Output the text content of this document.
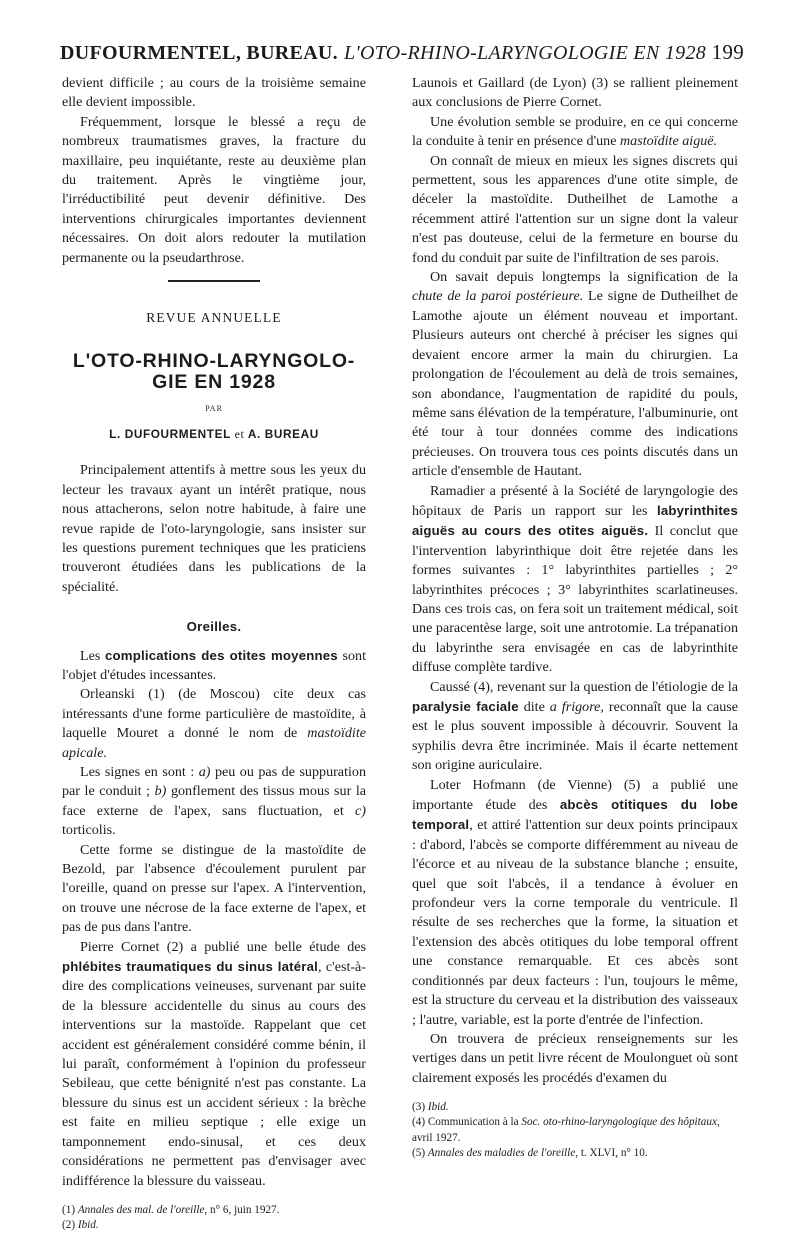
DUFOURMENTEL, BUREAU. L'OTO-RHINO-LARYNGOLOGIE EN 1928 199

devient difficile ; au cours de la troisième semaine elle devient impossible.

Fréquemment, lorsque le blessé a reçu de nombreux traumatismes graves, la fracture du maxillaire, peu inquiétante, reste au deuxième plan du traitement. Après le vingtième jour, l'irréductibilité peut devenir définitive. Des interventions chirurgicales importantes deviennent nécessaires. On doit alors redouter la mutilation permanente ou la pseudarthrose.

REVUE ANNUELLE
L'OTO-RHINO-LARYNGOLO-
GIE EN 1928
PAR
L. DUFOURMENTEL et A. BUREAU

Principalement attentifs à mettre sous les yeux du lecteur les travaux ayant un intérêt pratique, nous nous attacherons, selon notre habitude, à faire une revue rapide de l'oto-laryngologie, sans insister sur les questions purement techniques que les praticiens trouveront étudiées dans les publications de la spécialité.

Oreilles.

Les complications des otites moyennes sont l'objet d'études incessantes.

Orleanski (1) (de Moscou) cite deux cas intéressants d'une forme particulière de mastoïdite, à laquelle Mouret a donné le nom de mastoïdite apicale.

Les signes en sont : a) peu ou pas de suppuration par le conduit ; b) gonflement des tissus mous sur la face externe de l'apex, sans fluctuation, et c) torticolis.

Cette forme se distingue de la mastoïdite de Bezold, par l'absence d'écoulement purulent par l'oreille, quand on presse sur l'apex. A l'intervention, on trouve une nécrose de la face externe de l'apex, et pas de pus dans l'antre.

Pierre Cornet (2) a publié une belle étude des phlébites traumatiques du sinus latéral, c'est-à-dire des complications veineuses, survenant par suite de la blessure accidentelle du sinus au cours des interventions sur la mastoïde. Rappelant que cet accident est généralement considéré comme bénin, il lui paraît, conformément à l'opinion du professeur Sebileau, que cette bénignité n'est pas constante. La blessure du sinus est un accident sérieux : la brèche est faite en milieu septique ; elle exige un tamponnement endo-sinusal, et ces deux considérations ne permettent pas d'envisager avec indifférence la blessure du vaisseau.

(1) Annales des mal. de l'oreille, n° 6, juin 1927.

(2) Ibid.

Launois et Gaillard (de Lyon) (3) se rallient pleinement aux conclusions de Pierre Cornet.

Une évolution semble se produire, en ce qui concerne la conduite à tenir en présence d'une mastoïdite aiguë.

On connaît de mieux en mieux les signes discrets qui permettent, sous les apparences d'une otite simple, de déceler la mastoïdite. Dutheilhet de Lamothe a récemment attiré l'attention sur un signe dont la valeur n'est pas douteuse, celui de la fermeture en bourse du fond du conduit par suite de l'infiltration de ses parois.

On savait depuis longtemps la signification de la chute de la paroi postérieure. Le signe de Dutheilhet de Lamothe ajoute un élément nouveau et important. Plusieurs auteurs ont cherché à préciser les signes qui devaient encore armer la main du chirurgien. La prolongation de l'écoulement au delà de trois semaines, son abondance, l'augmentation de rapidité du pouls, même sans élévation de la température, l'albuminurie, ont été tour à tour données comme des indications précieuses. On trouvera tous ces points discutés dans un article d'ensemble de Hautant.

Ramadier a présenté à la Société de laryngologie des hôpitaux de Paris un rapport sur les labyrinthites aiguës au cours des otites aiguës. Il conclut que l'intervention labyrinthique doit être rejetée dans les formes suivantes : 1° labyrinthites partielles ; 2° labyrinthites précoces ; 3° labyrinthites scarlatineuses. Dans ces trois cas, on fera soit un traitement médical, soit une paracentèse large, soit une antrotomie. La trépanation du labyrinthe sera envisagée en cas de labyrinthite diffuse complète tardive.

Caussé (4), revenant sur la question de l'étiologie de la paralysie faciale dite a frigore, reconnaît que la cause est le plus souvent impossible à découvrir. Souvent la syphilis devra être incriminée. Mais il écarte nettement son origine auriculaire.

Loter Hofmann (de Vienne) (5) a publié une importante étude des abcès otitiques du lobe temporal, et attiré l'attention sur deux points principaux : d'abord, l'abcès se comporte différemment au niveau de l'écorce et au niveau de la substance blanche ; ensuite, quel que soit l'abcès, il a tendance à évoluer en profondeur vers la corne temporale du ventricule. Il résulte de ses recherches que la forme, la situation et l'extension des abcès otitiques du lobe temporal offrent une constance remarquable. Et ces abcès sont conditionnés par deux facteurs : l'un, toujours le même, est la structure du cerveau et la distribution des vaisseaux ; l'autre, variable, est la porte d'entrée de l'infection.

On trouvera de précieux renseignements sur les vertiges dans un petit livre récent de Moulonguet où sont clairement exposés les procédés d'examen du

(3) Ibid.

(4) Communication à la Soc. oto-rhino-laryngologique des hôpitaux, avril 1927.

(5) Annales des maladies de l'oreille, t. XLVI, n° 10.
